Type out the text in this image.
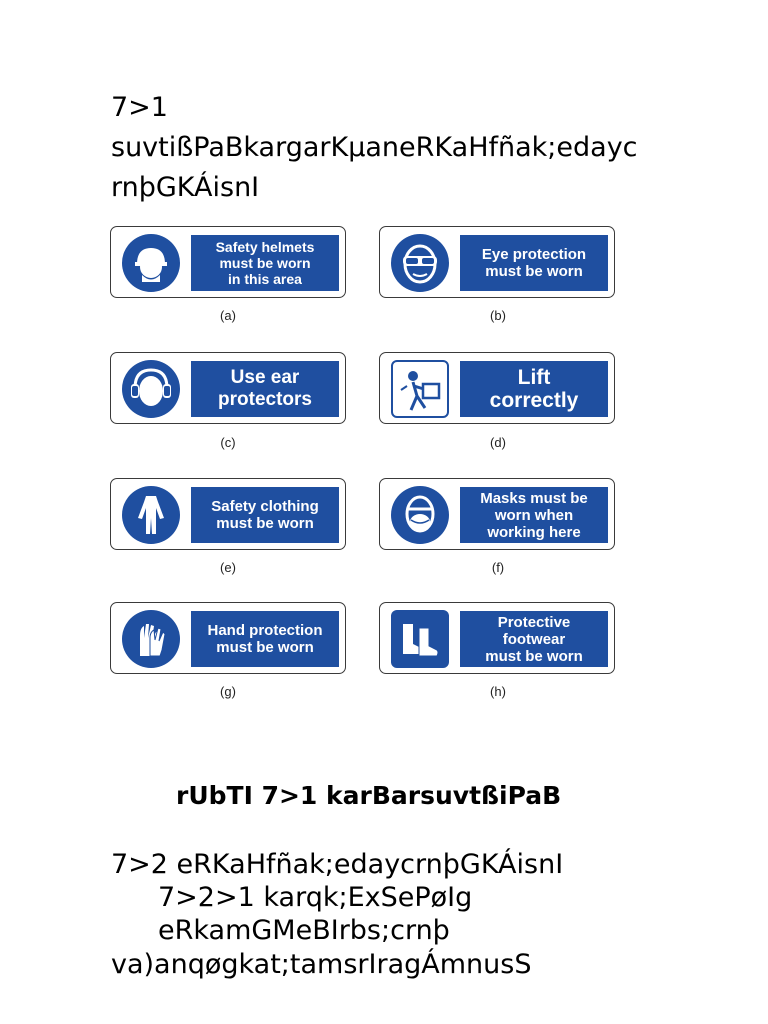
7>1
suvtißPaBkargarKµaneRKaHfñak;edayc
rnþGKÁisnI
Safety helmets
must be worn
in this area
(a)
Eye protection
must be worn
(b)
Use ear
protectors
(c)
Lift
correctly
(d)
Safety clothing
must be worn
(e)
Masks must be
worn when
working here
(f)
Hand protection
must be worn
(g)
Protective
footwear
must be worn
(h)
rUbTI 7>1 karBarsuvtßiPaB
7>2 eRKaHfñak;edaycrnþGKÁisnI
7>2>1 karqk;ExSePøIg
eRkamGMeBIrbs;crnþ
va)anqøgkat;tamsrIragÁmnusS
